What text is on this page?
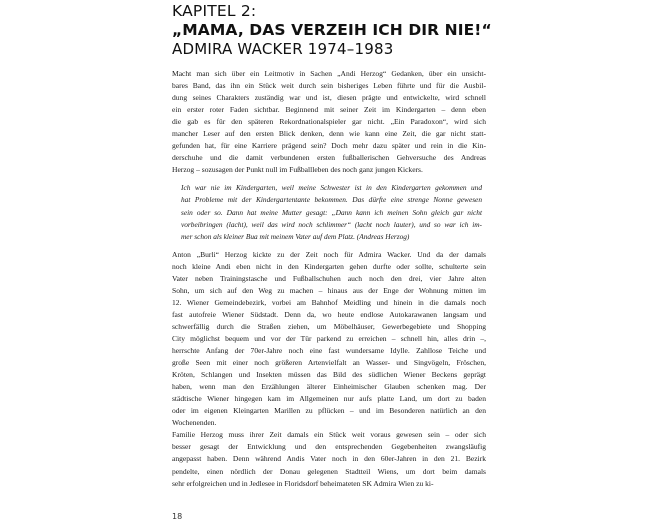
KAPITEL 2:
„MAMA, DAS VERZEIH ICH DIR NIE!“
ADMIRA WACKER 1974–1983

Macht man sich über ein Leitmotiv in Sachen „Andi Herzog“ Gedanken, über ein unsicht-
bares Band, das ihn ein Stück weit durch sein bisheriges Leben führte und für die Ausbil-
dung seines Charakters zuständig war und ist, diesen prägte und entwickelte, wird schnell
ein erster roter Faden sichtbar. Beginnend mit seiner Zeit im Kindergarten – denn eben
die gab es für den späteren Rekordnationalspieler gar nicht. „Ein Paradoxon“, wird sich
mancher Leser auf den ersten Blick denken, denn wie kann eine Zeit, die gar nicht statt-
gefunden hat, für eine Karriere prägend sein? Doch mehr dazu später und rein in die Kin-
derschuhe und die damit verbundenen ersten fußballerischen Gehversuche des Andreas
Herzog – sozusagen der Punkt null im Fußballleben des noch ganz jungen Kickers.

Ich war nie im Kindergarten, weil meine Schwester ist in den Kindergarten gekommen und
hat Probleme mit der Kindergartentante bekommen. Das dürfte eine strenge Nonne gewesen
sein oder so. Dann hat meine Mutter gesagt: „Dann kann ich meinen Sohn gleich gar nicht
vorbeibringen (lacht), weil das wird noch schlimmer“ (lacht noch lauter), und so war ich im-
mer schon als kleiner Bua mit meinem Vater auf dem Platz. (Andreas Herzog)

Anton „Burli“ Herzog kickte zu der Zeit noch für Admira Wacker. Und da der damals
noch kleine Andi eben nicht in den Kindergarten gehen durfte oder sollte, schulterte sein
Vater neben Trainingstasche und Fußballschuhen auch noch den drei, vier Jahre alten
Sohn, um sich auf den Weg zu machen – hinaus aus der Enge der Wohnung mitten im
12. Wiener Gemeindebezirk, vorbei am Bahnhof Meidling und hinein in die damals noch
fast autofreie Wiener Südstadt. Denn da, wo heute endlose Autokarawanen langsam und
schwerfällig durch die Straßen ziehen, um Möbelhäuser, Gewerbegebiete und Shopping
City möglichst bequem und vor der Tür parkend zu erreichen – schnell hin, alles drin –,
herrschte Anfang der 70er-Jahre noch eine fast wundersame Idylle. Zahllose Teiche und
große Seen mit einer noch größeren Artenvielfalt an Wasser- und Singvögeln, Fröschen,
Kröten, Schlangen und Insekten müssen das Bild des südlichen Wiener Beckens geprägt
haben, wenn man den Erzählungen älterer Einheimischer Glauben schenken mag. Der
städtische Wiener hingegen kam im Allgemeinen nur aufs platte Land, um dort zu baden
oder im eigenen Kleingarten Marillen zu pflücken – und im Besonderen natürlich an den
Wochenenden.

Familie Herzog muss ihrer Zeit damals ein Stück weit voraus gewesen sein – oder sich
besser gesagt der Entwicklung und den entsprechenden Gegebenheiten zwangsläufig
angepasst haben. Denn während Andis Vater noch in den 60er-Jahren in den 21. Bezirk
pendelte, einen nördlich der Donau gelegenen Stadtteil Wiens, um dort beim damals
sehr erfolgreichen und in Jedlesee in Floridsdorf beheimateten SK Admira Wien zu ki-

18
